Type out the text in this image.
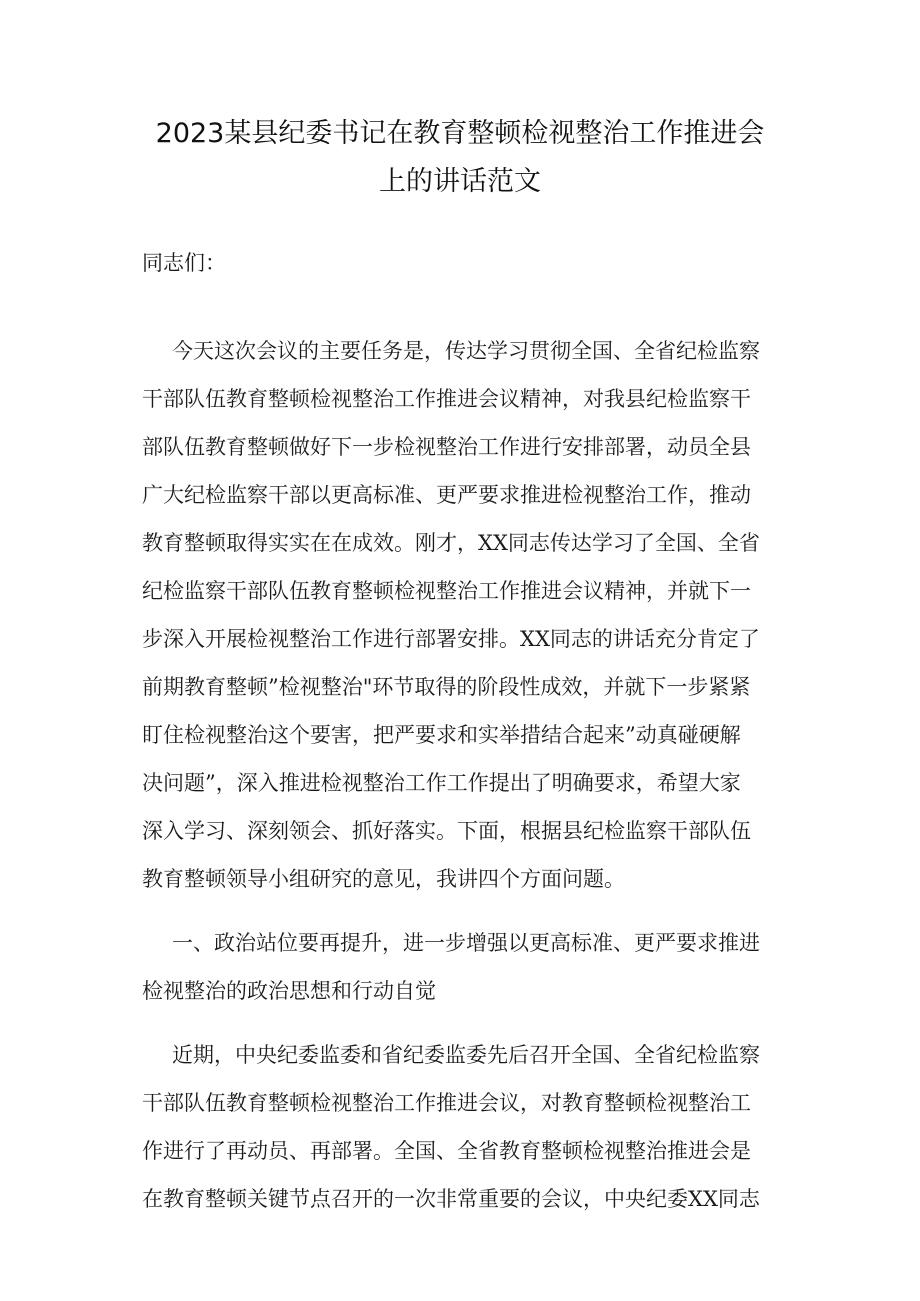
2023某县纪委书记在教育整顿检视整治工作推进会
上的讲话范文
同志们：
今天这次会议的主要任务是，传达学习贯彻全国、全省纪检监察
干部队伍教育整顿检视整治工作推进会议精神，对我县纪检监察干
部队伍教育整顿做好下一步检视整治工作进行安排部署，动员全县
广大纪检监察干部以更高标准、更严要求推进检视整治工作，推动
教育整顿取得实实在在成效。刚才，XX同志传达学习了全国、全省
纪检监察干部队伍教育整顿检视整治工作推进会议精神，并就下一
步深入开展检视整治工作进行部署安排。XX同志的讲话充分肯定了
前期教育整顿”检视整治"环节取得的阶段性成效，并就下一步紧紧
盯住检视整治这个要害，把严要求和实举措结合起来”动真碰硬解
决问题”，深入推进检视整治工作工作提出了明确要求，希望大家
深入学习、深刻领会、抓好落实。下面，根据县纪检监察干部队伍
教育整顿领导小组研究的意见，我讲四个方面问题。
一、政治站位要再提升，进一步增强以更高标准、更严要求推进
检视整治的政治思想和行动自觉
近期，中央纪委监委和省纪委监委先后召开全国、全省纪检监察
干部队伍教育整顿检视整治工作推进会议，对教育整顿检视整治工
作进行了再动员、再部署。全国、全省教育整顿检视整治推进会是
在教育整顿关键节点召开的一次非常重要的会议，中央纪委XX同志
